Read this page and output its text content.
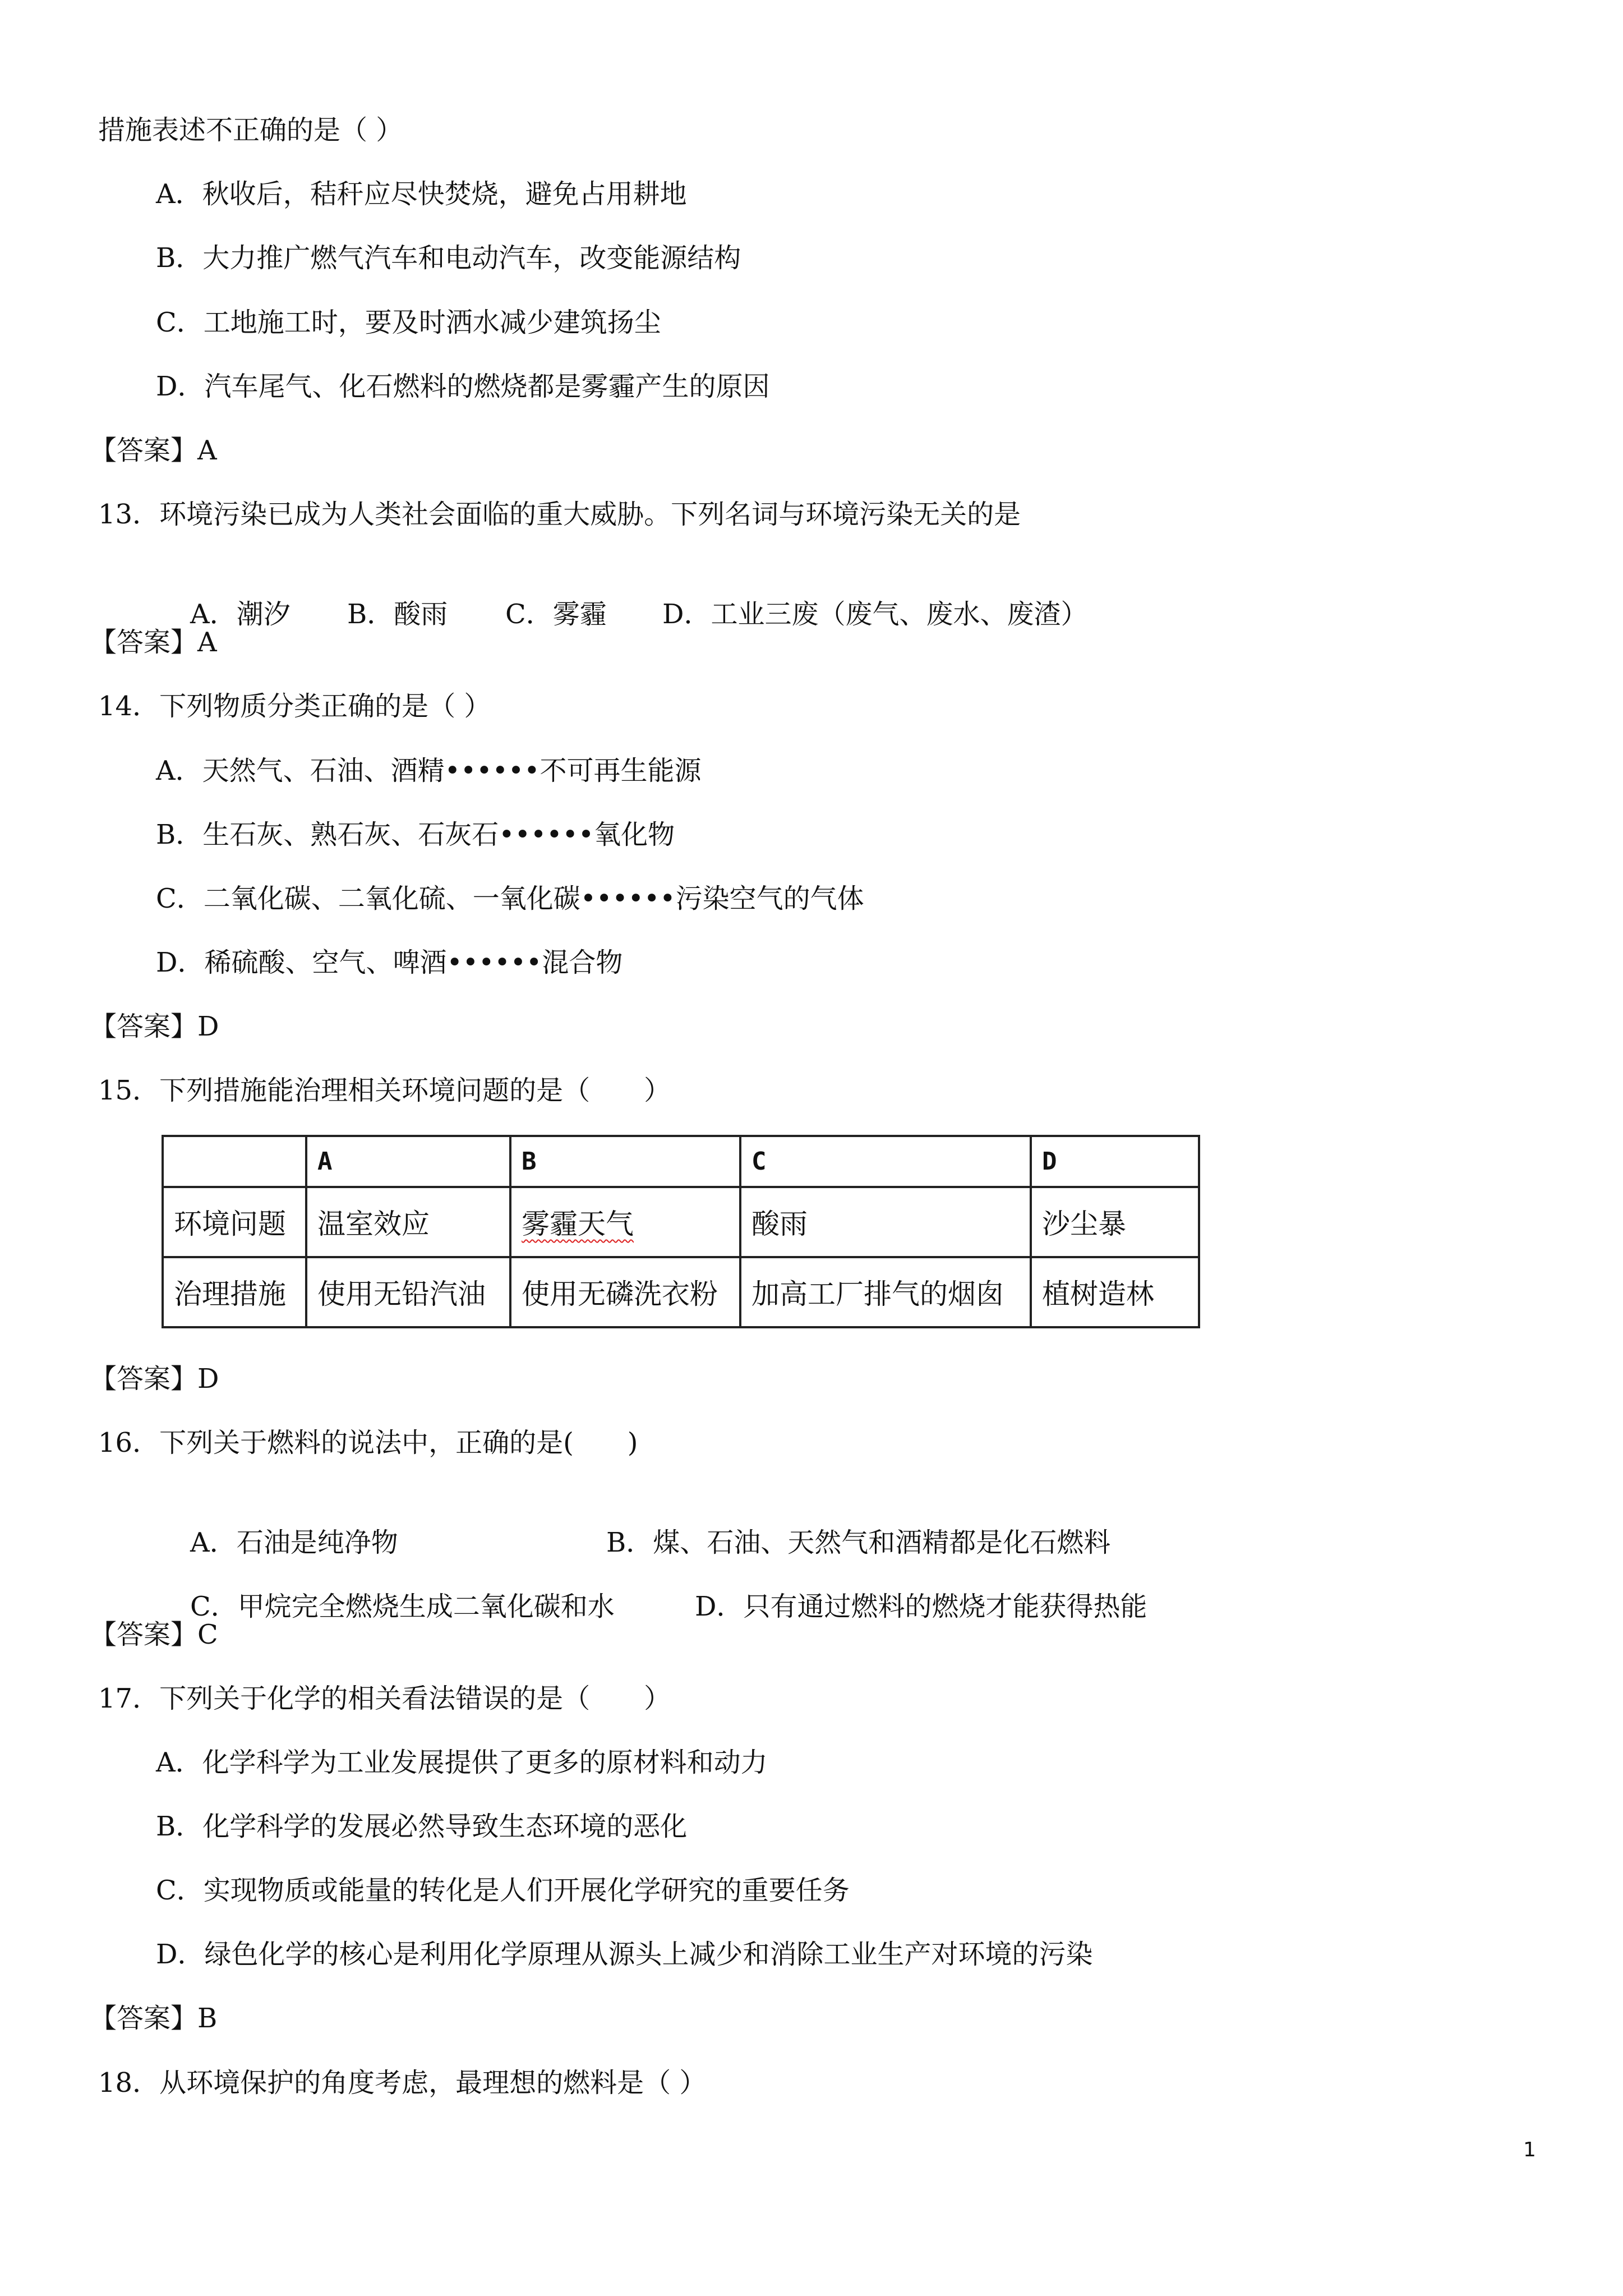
措施表述不正确的是（ ）
A．秋收后，秸秆应尽快焚烧，避免占用耕地
B．大力推广燃气汽车和电动汽车，改变能源结构
C．工地施工时，要及时洒水减少建筑扬尘
D．汽车尾气、化石燃料的燃烧都是雾霾产生的原因
【答案】A
13．环境污染已成为人类社会面临的重大威胁。下列名词与环境污染无关的是

A．潮汐 B．酸雨 C．雾霾 D．工业三废（废气、废水、废渣）

【答案】A
14．下列物质分类正确的是（ ）
A．天然气、石油、酒精••••••不可再生能源
B．生石灰、熟石灰、石灰石••••••氧化物
C．二氧化碳、二氧化硫、一氧化碳••••••污染空气的气体
D．稀硫酸、空气、啤酒••••••混合物
【答案】D
15．下列措施能治理相关环境问题的是（　　）
	A	B	C	D
环境问题	温室效应	雾霾天气	酸雨	沙尘暴
治理措施	使用无铅汽油	使用无磷洗衣粉	加高工厂排气的烟囱	植树造林
【答案】D
16．下列关于燃料的说法中，正确的是(　　)

A．石油是纯净物	B．煤、石油、天然气和酒精都是化石燃料

C．甲烷完全燃烧生成二氧化碳和水	D．只有通过燃料的燃烧才能获得热能

【答案】C
17．下列关于化学的相关看法错误的是（　　）
A．化学科学为工业发展提供了更多的原材料和动力
B．化学科学的发展必然导致生态环境的恶化
C．实现物质或能量的转化是人们开展化学研究的重要任务
D．绿色化学的核心是利用化学原理从源头上减少和消除工业生产对环境的污染
【答案】B
18．从环境保护的角度考虑，最理想的燃料是（ ）
1
